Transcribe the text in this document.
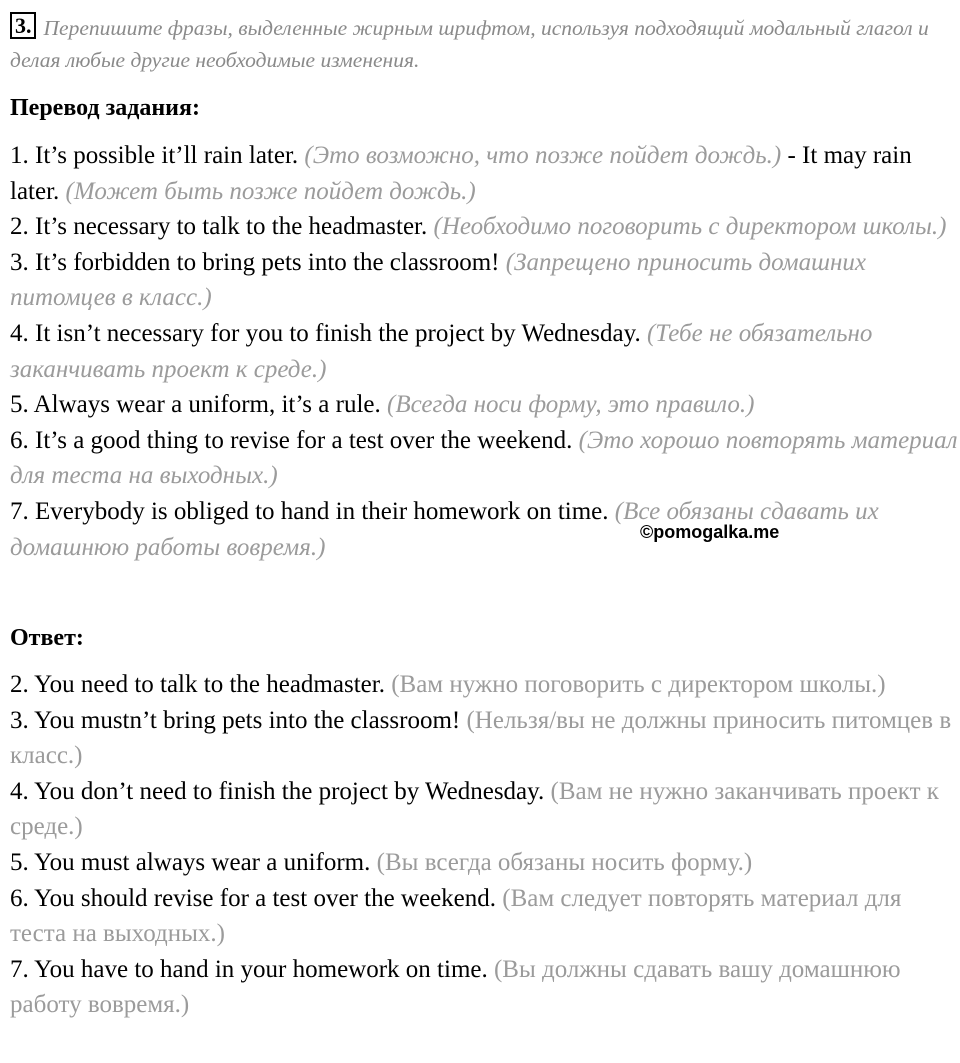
3. Перепишите фразы, выделенные жирным шрифтом, используя подходящий модальный глагол и делая любые другие необходимые изменения.
Перевод задания:
1. It’s possible it’ll rain later. (Это возможно, что позже пойдет дождь.) - It may rain later. (Может быть позже пойдет дождь.)
2. It’s necessary to talk to the headmaster. (Необходимо поговорить с директором школы.)
3. It’s forbidden to bring pets into the classroom! (Запрещено приносить домашних питомцев в класс.)
4. It isn’t necessary for you to finish the project by Wednesday. (Тебе не обязательно заканчивать проект к среде.)
5. Always wear a uniform, it’s a rule. (Всегда носи форму, это правило.)
6. It’s a good thing to revise for a test over the weekend. (Это хорошо повторять материал для теста на выходных.)
7. Everybody is obliged to hand in their homework on time. (Все обязаны сдавать их домашнюю работы вовремя.)
©pomogalka.me
Ответ:
2. You need to talk to the headmaster. (Вам нужно поговорить с директором школы.)
3. You mustn’t bring pets into the classroom! (Нельзя/вы не должны приносить питомцев в класс.)
4. You don’t need to finish the project by Wednesday. (Вам не нужно заканчивать проект к среде.)
5. You must always wear a uniform. (Вы всегда обязаны носить форму.)
6. You should revise for a test over the weekend. (Вам следует повторять материал для теста на выходных.)
7. You have to hand in your homework on time. (Вы должны сдавать вашу домашнюю работу вовремя.)
